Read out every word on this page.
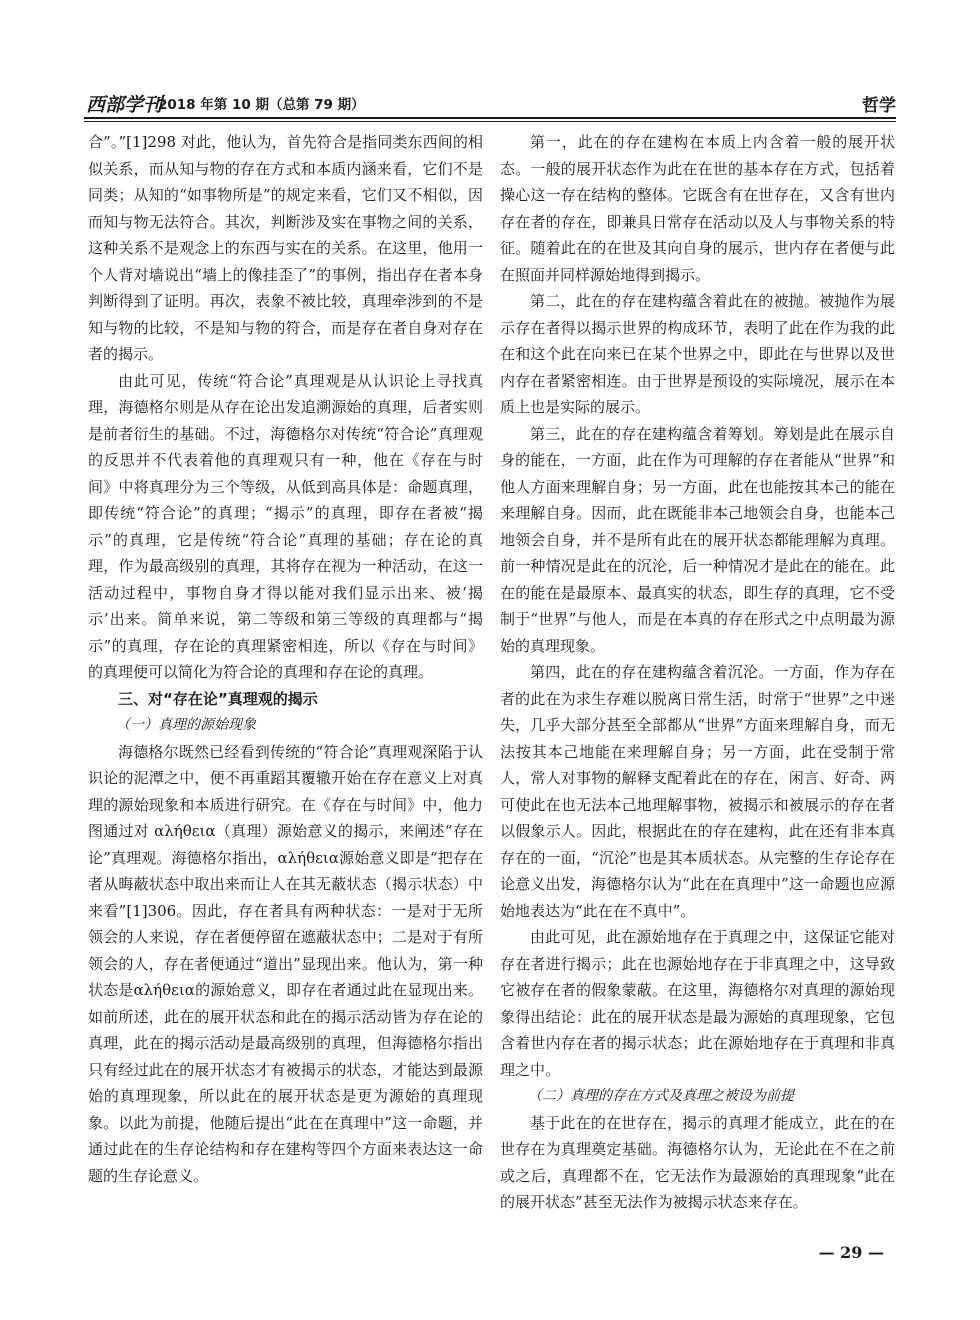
西部学刊
2018 年第 10 期（总第 79 期）	哲学

合”。”[1]298 对此，他认为，首先符合是指同类东西间的相似关系，而从知与物的存在方式和本质内涵来看，它们不是同类；从知的“如事物所是”的规定来看，它们又不相似，因而知与物无法符合。其次，判断涉及实在事物之间的关系，这种关系不是观念上的东西与实在的关系。在这里，他用一个人背对墙说出“墙上的像挂歪了”的事例，指出存在者本身判断得到了证明。再次，表象不被比较，真理牵涉到的不是知与物的比较，不是知与物的符合，而是存在者自身对存在者的揭示。

由此可见，传统“符合论”真理观是从认识论上寻找真理，海德格尔则是从存在论出发追溯源始的真理，后者实则是前者衍生的基础。不过，海德格尔对传统“符合论”真理观的反思并不代表着他的真理观只有一种，他在《存在与时间》中将真理分为三个等级，从低到高具体是：命题真理，即传统“符合论”的真理；“揭示”的真理，即存在者被“揭示”的真理，它是传统“符合论”真理的基础；存在论的真理，作为最高级别的真理，其将存在视为一种活动，在这一活动过程中，事物自身才得以能对我们显示出来、被‘揭示’出来。简单来说，第二等级和第三等级的真理都与“揭示”的真理，存在论的真理紧密相连，所以《存在与时间》的真理便可以简化为符合论的真理和存在论的真理。

三、对“存在论”真理观的揭示
（一）真理的源始现象

海德格尔既然已经看到传统的“符合论”真理观深陷于认识论的泥潭之中，便不再重蹈其覆辙开始在存在意义上对真理的源始现象和本质进行研究。在《存在与时间》中，他力图通过对 αλήθεια（真理）源始意义的揭示，来阐述“存在论”真理观。海德格尔指出，αλήθεια源始意义即是“把存在者从晦蔽状态中取出来而让人在其无蔽状态（揭示状态）中来看”[1]306。因此，存在者具有两种状态：一是对于无所领会的人来说，存在者便停留在遮蔽状态中；二是对于有所领会的人，存在者便通过“道出”显现出来。他认为，第一种状态是αλήθεια的源始意义，即存在者通过此在显现出来。如前所述，此在的展开状态和此在的揭示活动皆为存在论的真理，此在的揭示活动是最高级别的真理，但海德格尔指出只有经过此在的展开状态才有被揭示的状态，才能达到最源始的真理现象，所以此在的展开状态是更为源始的真理现象。以此为前提，他随后提出“此在在真理中”这一命题，并通过此在的生存论结构和存在建构等四个方面来表达这一命题的生存论意义。

第一，此在的存在建构在本质上内含着一般的展开状态。一般的展开状态作为此在在世的基本存在方式，包括着操心这一存在结构的整体。它既含有在世存在，又含有世内存在者的存在，即兼具日常存在活动以及人与事物关系的特征。随着此在的在世及其向自身的展示，世内存在者便与此在照面并同样源始地得到揭示。

第二，此在的存在建构蕴含着此在的被抛。被抛作为展示存在者得以揭示世界的构成环节，表明了此在作为我的此在和这个此在向来已在某个世界之中，即此在与世界以及世内存在者紧密相连。由于世界是预设的实际境况，展示在本质上也是实际的展示。

第三，此在的存在建构蕴含着筹划。筹划是此在展示自身的能在，一方面，此在作为可理解的存在者能从“世界”和他人方面来理解自身；另一方面，此在也能按其本己的能在来理解自身。因而，此在既能非本己地领会自身，也能本己地领会自身，并不是所有此在的展开状态都能理解为真理。前一种情况是此在的沉沦，后一种情况才是此在的能在。此在的能在是最原本、最真实的状态，即生存的真理，它不受制于“世界”与他人，而是在本真的存在形式之中点明最为源始的真理现象。

第四，此在的存在建构蕴含着沉沦。一方面，作为存在者的此在为求生存难以脱离日常生活，时常于“世界”之中迷失，几乎大部分甚至全部都从“世界”方面来理解自身，而无法按其本己地能在来理解自身；另一方面，此在受制于常人，常人对事物的解释支配着此在的存在，闲言、好奇、两可使此在也无法本己地理解事物，被揭示和被展示的存在者以假象示人。因此，根据此在的存在建构，此在还有非本真存在的一面，“沉沦”也是其本质状态。从完整的生存论存在论意义出发，海德格尔认为“此在在真理中”这一命题也应源始地表达为“此在在不真中”。

由此可见，此在源始地存在于真理之中，这保证它能对存在者进行揭示；此在也源始地存在于非真理之中，这导致它被存在者的假象蒙蔽。在这里，海德格尔对真理的源始现象得出结论：此在的展开状态是最为源始的真理现象，它包含着世内存在者的揭示状态；此在源始地存在于真理和非真理之中。

（二）真理的存在方式及真理之被设为前提

基于此在的在世存在，揭示的真理才能成立，此在的在世存在为真理奠定基础。海德格尔认为，无论此在不在之前或之后，真理都不在，它无法作为最源始的真理现象“此在的展开状态”甚至无法作为被揭示状态来存在。

— 29 —
